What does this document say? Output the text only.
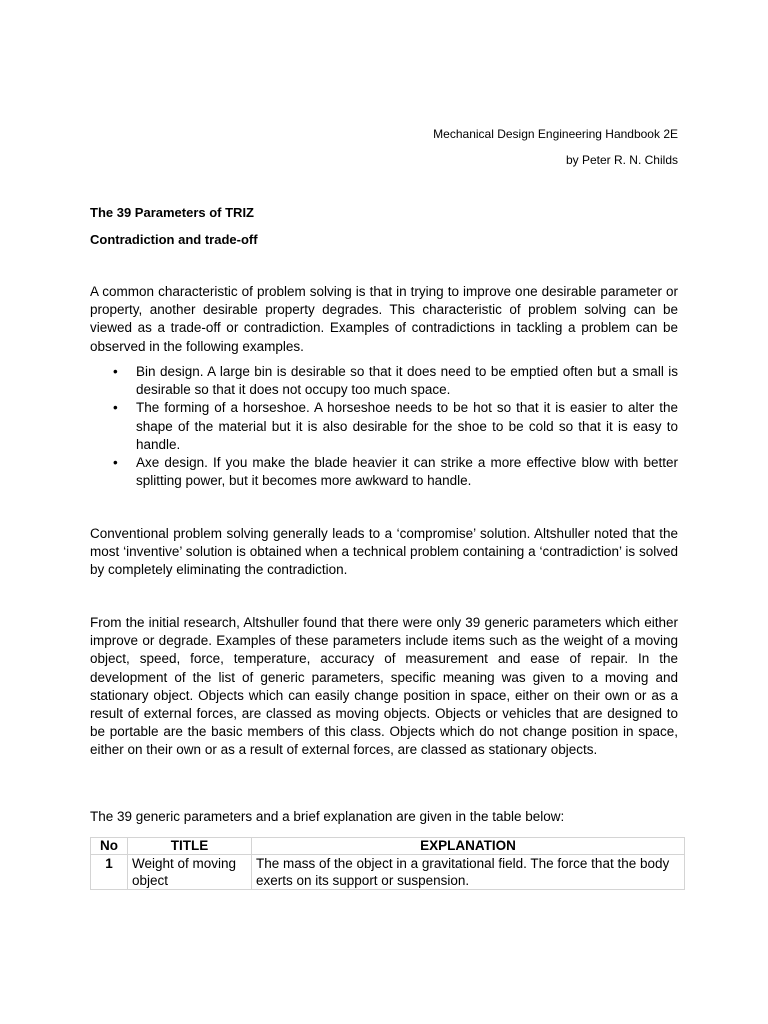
Mechanical Design Engineering Handbook 2E
by Peter R. N. Childs
The 39 Parameters of TRIZ
Contradiction and trade-off

A common characteristic of problem solving is that in trying to improve one desirable parameter or property, another desirable property degrades. This characteristic of problem solving can be viewed as a trade-off or contradiction. Examples of contradictions in tackling a problem can be observed in the following examples.

• Bin design. A large bin is desirable so that it does need to be emptied often but a small is desirable so that it does not occupy too much space.
• The forming of a horseshoe. A horseshoe needs to be hot so that it is easier to alter the shape of the material but it is also desirable for the shoe to be cold so that it is easy to handle.
• Axe design. If you make the blade heavier it can strike a more effective blow with better splitting power, but it becomes more awkward to handle.

Conventional problem solving generally leads to a ‘compromise’ solution. Altshuller noted that the most ‘inventive’ solution is obtained when a technical problem containing a ‘contradiction’ is solved by completely eliminating the contradiction.

From the initial research, Altshuller found that there were only 39 generic parameters which either improve or degrade. Examples of these parameters include items such as the weight of a moving object, speed, force, temperature, accuracy of measurement and ease of repair. In the development of the list of generic parameters, specific meaning was given to a moving and stationary object. Objects which can easily change position in space, either on their own or as a result of external forces, are classed as moving objects. Objects or vehicles that are designed to be portable are the basic members of this class. Objects which do not change position in space, either on their own or as a result of external forces, are classed as stationary objects.

The 39 generic parameters and a brief explanation are given in the table below:

No	TITLE	EXPLANATION
1	Weight of moving object	The mass of the object in a gravitational field. The force that the body exerts on its support or suspension.
